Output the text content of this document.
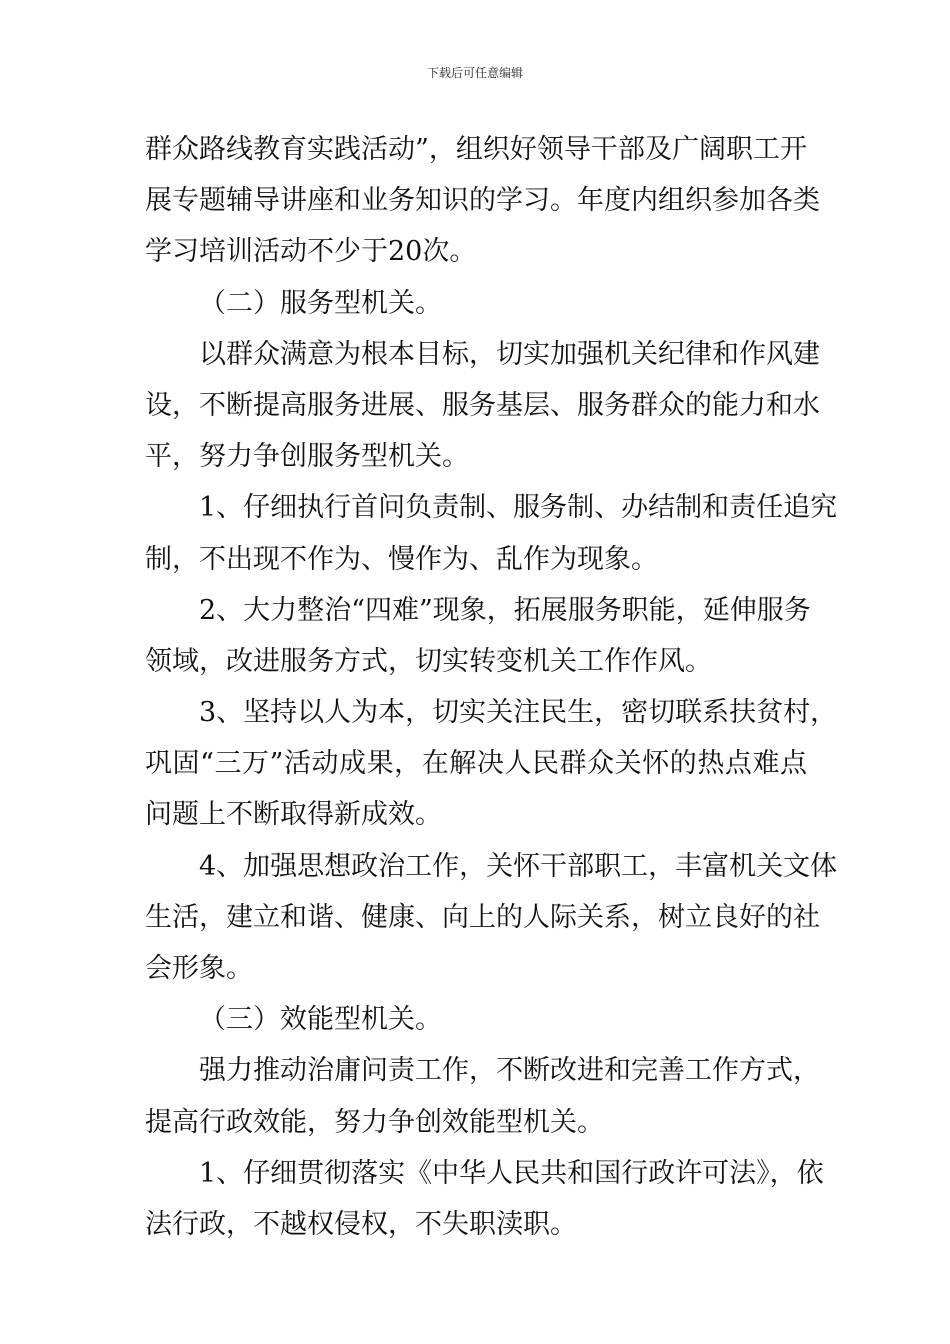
下载后可任意编辑
群众路线教育实践活动”，组织好领导干部及广阔职工开
展专题辅导讲座和业务知识的学习。年度内组织参加各类
学习培训活动不少于20次。
（二）服务型机关。
以群众满意为根本目标，切实加强机关纪律和作风建
设，不断提高服务进展、服务基层、服务群众的能力和水
平，努力争创服务型机关。
1、仔细执行首问负责制、服务制、办结制和责任追究
制，不出现不作为、慢作为、乱作为现象。
2、大力整治“四难”现象，拓展服务职能，延伸服务
领域，改进服务方式，切实转变机关工作作风。
3、坚持以人为本，切实关注民生，密切联系扶贫村，
巩固“三万”活动成果，在解决人民群众关怀的热点难点
问题上不断取得新成效。
4、加强思想政治工作，关怀干部职工，丰富机关文体
生活，建立和谐、健康、向上的人际关系，树立良好的社
会形象。
（三）效能型机关。
强力推动治庸问责工作，不断改进和完善工作方式，
提高行政效能，努力争创效能型机关。
1、仔细贯彻落实《中华人民共和国行政许可法》，依
法行政，不越权侵权，不失职渎职。
